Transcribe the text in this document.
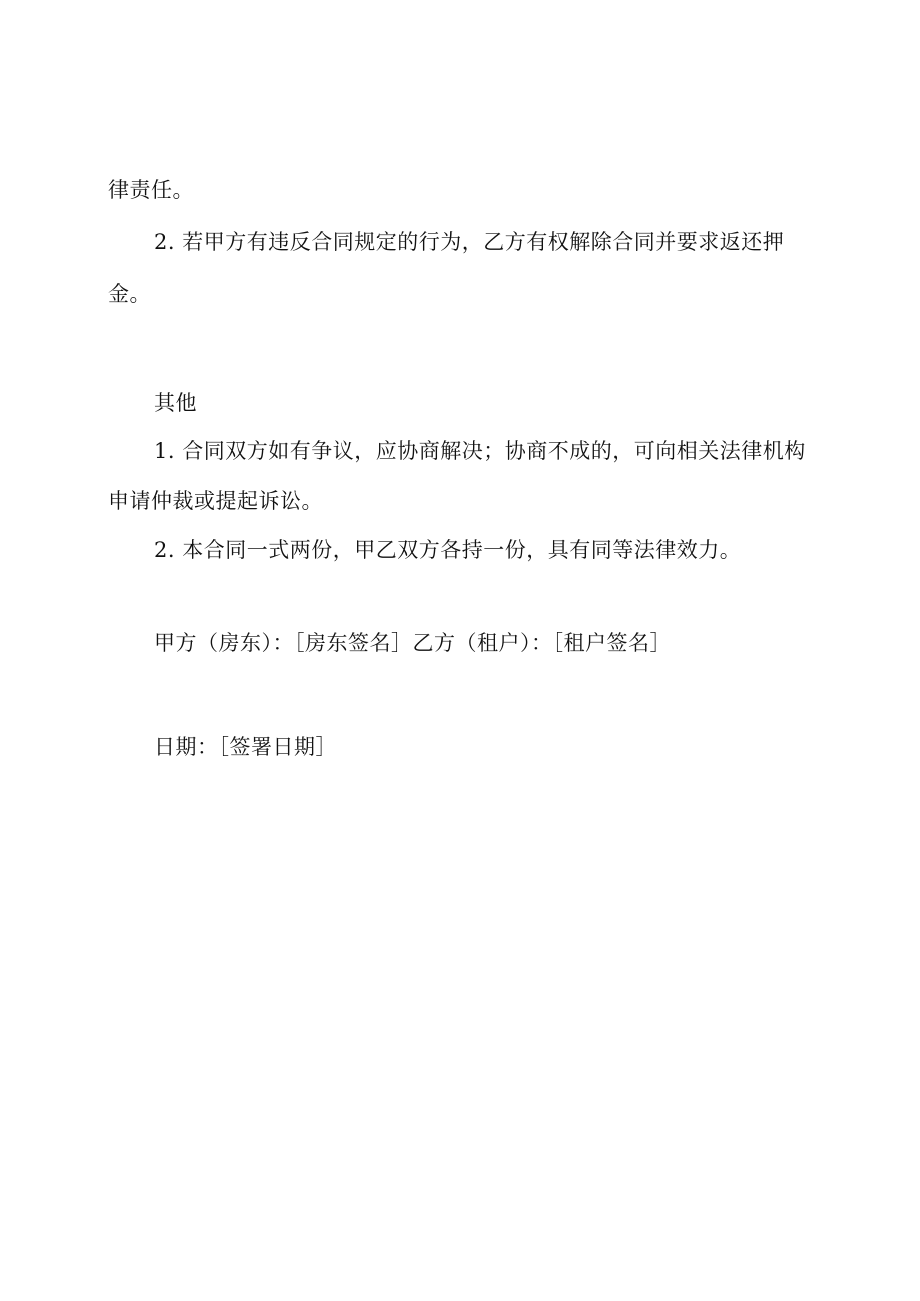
律责任。
2. 若甲方有违反合同规定的行为，乙方有权解除合同并要求返还押
金。
其他
1. 合同双方如有争议，应协商解决；协商不成的，可向相关法律机构
申请仲裁或提起诉讼。
2. 本合同一式两份，甲乙双方各持一份，具有同等法律效力。
甲方（房东）：［房东签名］乙方（租户）：［租户签名］
日期：［签署日期］
